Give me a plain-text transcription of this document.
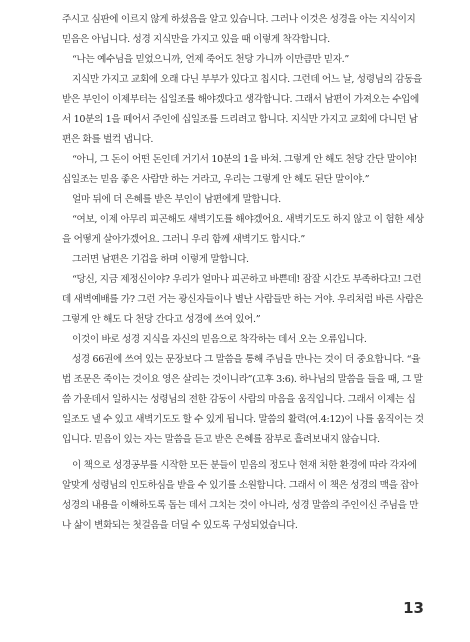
주시고 심판에 이르지 않게 하셨음을 알고 있습니다. 그러나 이것은 성경을 아는 지식이지 믿음은 아닙니다. 성경 지식만을 가지고 있을 때 이렇게 착각합니다.

“나는 예수님을 믿었으니까, 언제 죽어도 천당 가니까 이만큼만 믿자.”

지식만 가지고 교회에 오래 다닌 부부가 있다고 칩시다. 그런데 어느 날, 성령님의 감동을 받은 부인이 이제부터는 십일조를 해야겠다고 생각합니다. 그래서 남편이 가져오는 수입에서 10분의 1을 떼어서 주인에 십일조를 드리려고 합니다. 지식만 가지고 교회에 다니던 남편은 화를 벌컥 냅니다.

“아니, 그 돈이 어떤 돈인데 거기서 10분의 1을 바쳐. 그렇게 안 해도 천당 간단 말이야! 십일조는 믿음 좋은 사람만 하는 거라고, 우리는 그렇게 안 해도 된단 말이야.”

얼마 뒤에 더 은혜를 받은 부인이 남편에게 말합니다.

“여보, 이제 아무리 피곤해도 새벽기도를 해야겠어요. 새벽기도도 하지 않고 이 험한 세상을 어떻게 살아가겠어요. 그러니 우리 함께 새벽기도 합시다.”

그러면 남편은 기겁을 하며 이렇게 말합니다.

“당신, 지금 제정신이야? 우리가 얼마나 피곤하고 바쁜데! 잠잘 시간도 부족하다고! 그런데 새벽예배를 가? 그런 거는 광신자들이나 별난 사람들만 하는 거야. 우리처럼 바른 사람은 그렇게 안 해도 다 천당 간다고 성경에 쓰여 있어.”

이것이 바로 성경 지식을 자신의 믿음으로 착각하는 데서 오는 오류입니다.

성경 66권에 쓰여 있는 문장보다 그 말씀을 통해 주님을 만나는 것이 더 중요합니다. “율법 조문은 죽이는 것이요 영은 살리는 것이니라”(고후 3:6). 하나님의 말씀을 들을 때, 그 말씀 가운데서 일하시는 성령님의 전한 감동이 사람의 마음을 움직입니다. 그래서 이제는 십일조도 낼 수 있고 새벽기도도 할 수 있게 됩니다. 말씀의 활력(여.4:12)이 나를 움직이는 것입니다. 믿음이 있는 자는 말씀을 듣고 받은 은혜를 잠부로 흘려보내지 않습니다.

이 책으로 성경공부를 시작한 모든 분들이 믿음의 정도나 현재 처한 환경에 따라 각자에 알맞게 성령님의 인도하심을 받을 수 있기를 소원합니다. 그래서 이 책은 성경의 맥을 잡아 성경의 내용을 이해하도록 돕는 데서 그치는 것이 아니라, 성경 말씀의 주인이신 주님을 만나 삶이 변화되는 첫걸음을 더딜 수 있도록 구성되었습니다.

13
